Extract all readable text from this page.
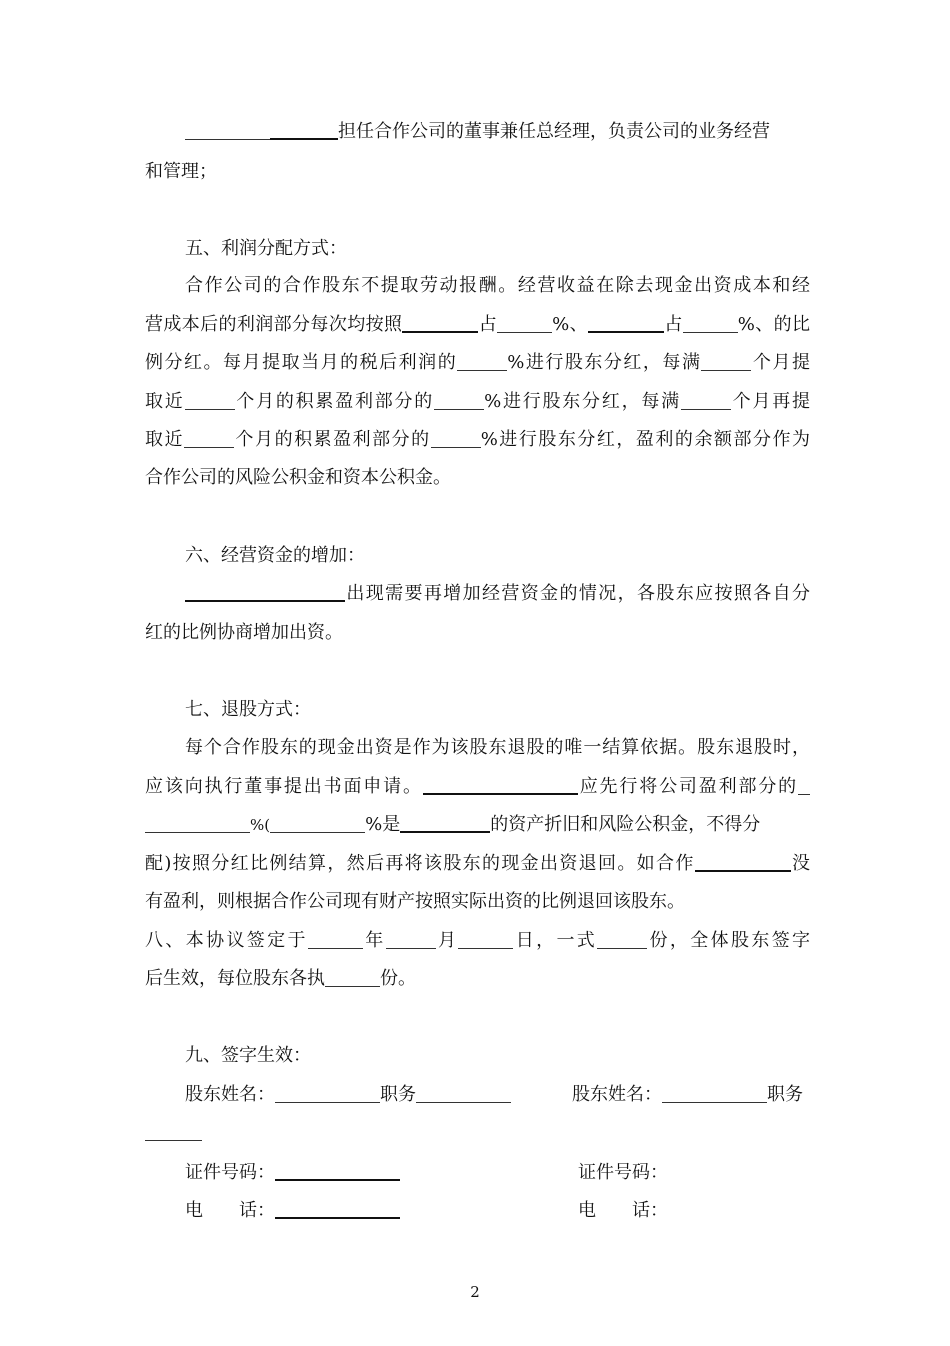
担任合作公司的董事兼任总经理，负责公司的业务经营
和管理；
五、利润分配方式：
合作公司的合作股东不提取劳动报酬。经营收益在除去现金出资成本和经
营成本后的利润部分每次均按照	占	%、	占	%、的比
例分红。每月提取当月的税后利润的	%进行股东分红，每满	个月提
取近	个月的积累盈利部分的	%进行股东分红，每满	个月再提
取近	个月的积累盈利部分的	%进行股东分红，盈利的余额部分作为
合作公司的风险公积金和资本公积金。
六、经营资金的增加：
出现需要再增加经营资金的情况，各股东应按照各自分
红的比例协商增加出资。
七、退股方式：
每个合作股东的现金出资是作为该股东退股的唯一结算依据。股东退股时，
应该向执行董事提出书面申请。	应先行将公司盈利部分的
%(	%是	的资产折旧和风险公积金，不得分
配)按照分红比例结算，然后再将该股东的现金出资退回。如合作	没
有盈利，则根据合作公司现有财产按照实际出资的比例退回该股东。
八、本协议签定于	年	月	日，一式	份，全体股东签字
后生效，每位股东各执	份。
九、签字生效：
股东姓名：	职务	股东姓名：	职务
证件号码：	证件号码：
电　　话：	电　　话：
2
